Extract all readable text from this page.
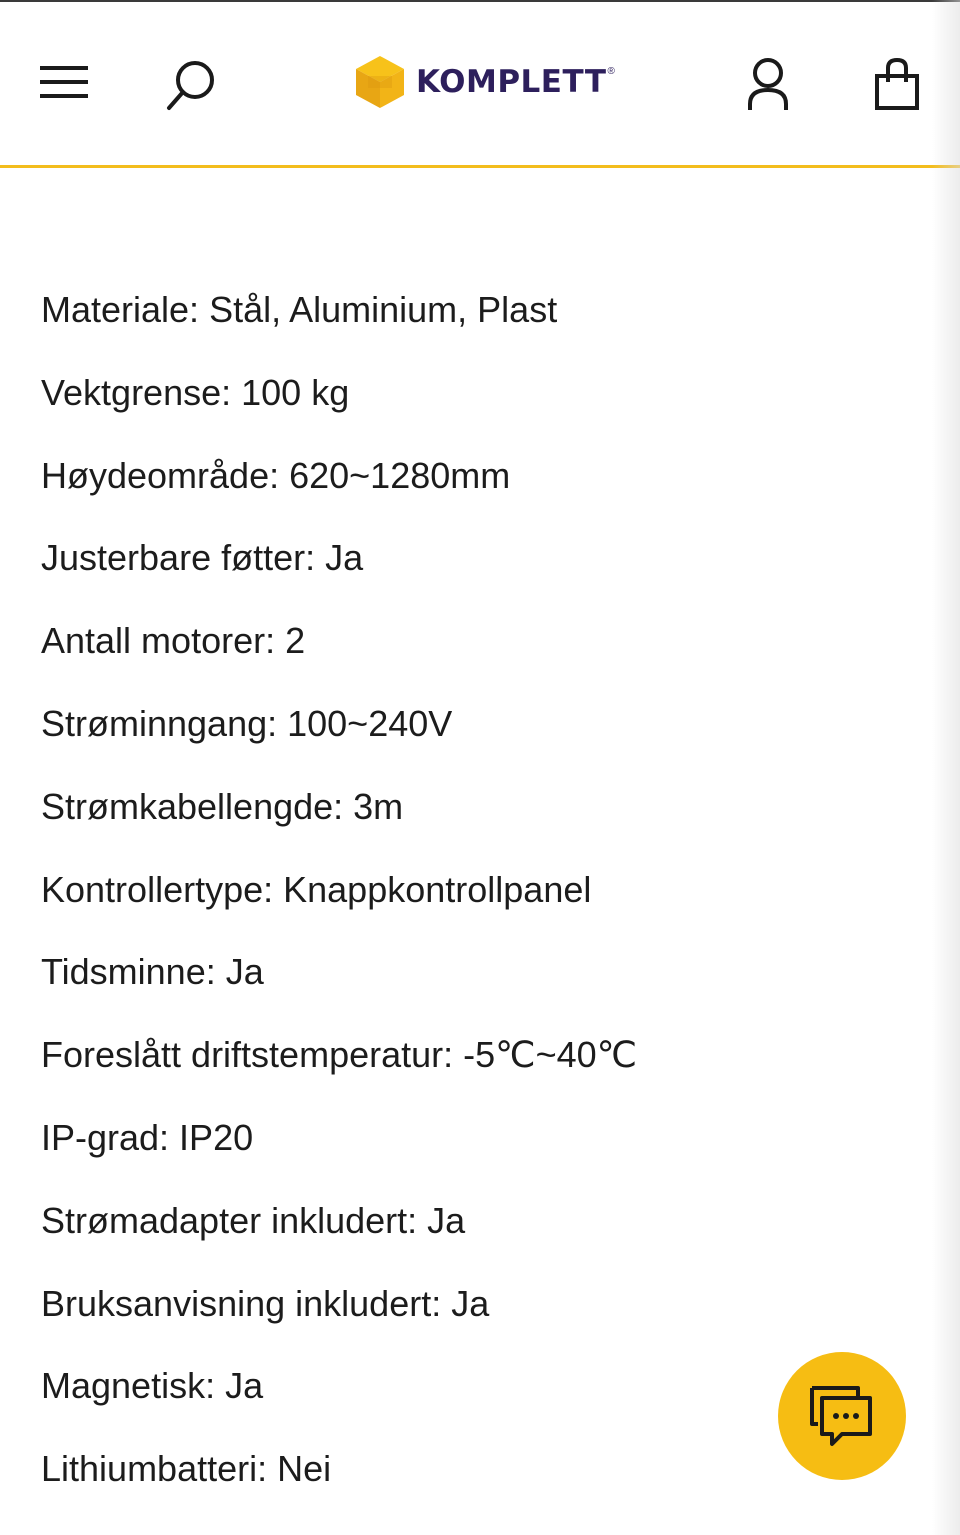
KOMPLETT ®
Materiale: Stål, Aluminium, Plast
Vektgrense: 100 kg
Høydeområde: 620~1280mm
Justerbare føtter: Ja
Antall motorer: 2
Strøminngang: 100~240V
Strømkabellengde: 3m
Kontrollertype: Knappkontrollpanel
Tidsminne: Ja
Foreslått driftstemperatur: -5℃~40℃
IP-grad: IP20
Strømadapter inkludert: Ja
Bruksanvisning inkludert: Ja
Magnetisk: Ja
Lithiumbatteri: Nei
